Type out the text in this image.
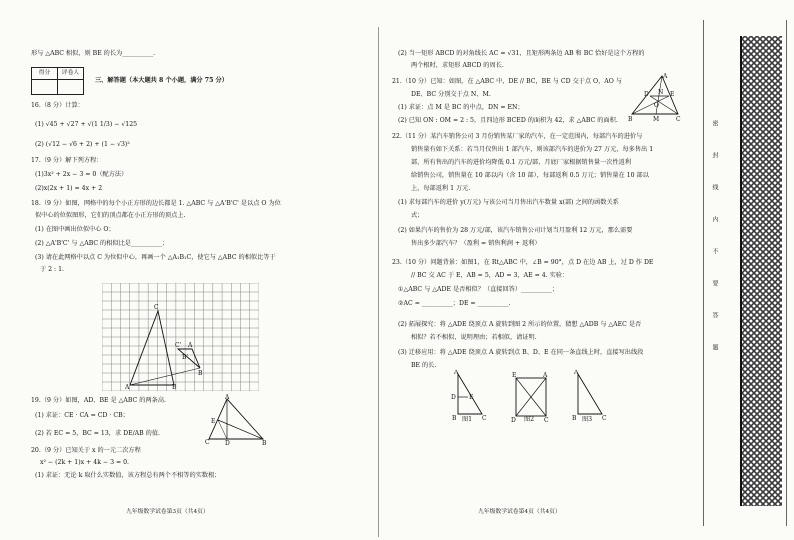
形与 △ABC 相似，则 BE 的长为__________.
得分	评卷人

三、解答题（本大题共 8 个小题，满分 75 分）
16.（8 分）计算：
(1) √45 + √27 + √(1 1/3) − √125
(2) (√12 − √6 + 2) + (1 − √3)²
17.（9 分）解下列方程：
(1)3x² + 2x − 3 = 0（配方法）
(2)x(2x + 1) = 4x + 2
18.（9 分）如图，网格中的每个小正方形的边长都是 1. △ABC 与 △A'B'C' 是以点 O 为位
似中心的位似图形，它们的顶点都在小正方形的顶点上.
(1) 在图中画出位似中心 O；
(2) △A'B'C' 与 △ABC 的相似比是__________；
(3) 请在此网格中以点 C 为位似中心，再画一个 △A₁B₁C，使它与 △ABC 的相似比等于
于 2 : 1.
C
A	B
C' A
B
B'
19.（9 分）如图，AD、BE 是 △ABC 的两条高.
(1) 求证：CE · CA = CD · CB；
(2) 若 EC = 5，BC = 13，求 DE/AB 的值.
A
E
C	D	B
20.（9 分）已知关于 x 的一元二次方程
x² − (2k + 1)x + 4k − 3 = 0.
(1) 求证：无论 k 取什么实数值，该方程总有两个不相等的实数根；
九年级数学试卷第3页（共4页）
(2) 当一矩形 ABCD 的对角线长 AC = √31，且矩形两条边 AB 和 BC 恰好是这个方程的
两个根时，求矩形 ABCD 的周长.
21.（10 分）已知：如图，在 △ABC 中，DE // BC，BE 与 CD 交于点 O，AO 与
DE、BC 分别交于点 N、M.
(1) 求证：点 M 是 BC 的中点，DN = EN；
(2) 已知 ON : OM = 2 : 5，且四边形 BCED 的面积为 42，求 △ABC 的面积.
A
D	E
B	M	C
N
O
22.（11 分）某汽车销售公司 3 月份销售某厂家的汽车，在一定范围内，每部汽车的进价与
销售量有如下关系：若当月仅售出 1 部汽车，则该部汽车的进价为 27 万元，每多售出 1
部，所有售出的汽车的进价均降低 0.1 万元/部，月底厂家根据销售量一次性返利
给销售公司，销售量在 10 部以内（含 10 部），每部返利 0.5 万元；销售量在 10 部以
上，每部返利 1 万元.
(1) 求每部汽车的进价 y(万元) 与该公司当月售出汽车数量 x(部) 之间的函数关系
式；
(2) 如果汽车的售价为 28 万元/部，该汽车销售公司计划当月盈利 12 万元，那么需要
售出多少部汽车？（盈利 = 销售利润 + 返利）
23.（10 分）问题背景：如图1，在 Rt△ABC 中，∠B = 90°，点 D 在边 AB 上，过 D 作 DE
// BC 交 AC 于 E，AB = 5，AD = 3，AE = 4. 实验：
①△ABC 与 △ADE 是否相似？（直接回答）__________；
②AC = __________；DE = __________.
(2) 拓展探究：将 △ADE 绕顶点 A 旋转到图 2 所示的位置，猜想 △ADB 与 △AEC 是否
相似？若不相似，说明理由；若相似，请证明.
(3) 迁移应用：将 △ADE 绕顶点 A 旋转到点 B、D、E 在同一条直线上时，直接写出线段
BE 的长.
A
D E
B	C
图1
E	A
D	C
图2
A
B	C
图3
九年级数学试卷第4页（共4页）
密
封
线
内
不
要
答
题
